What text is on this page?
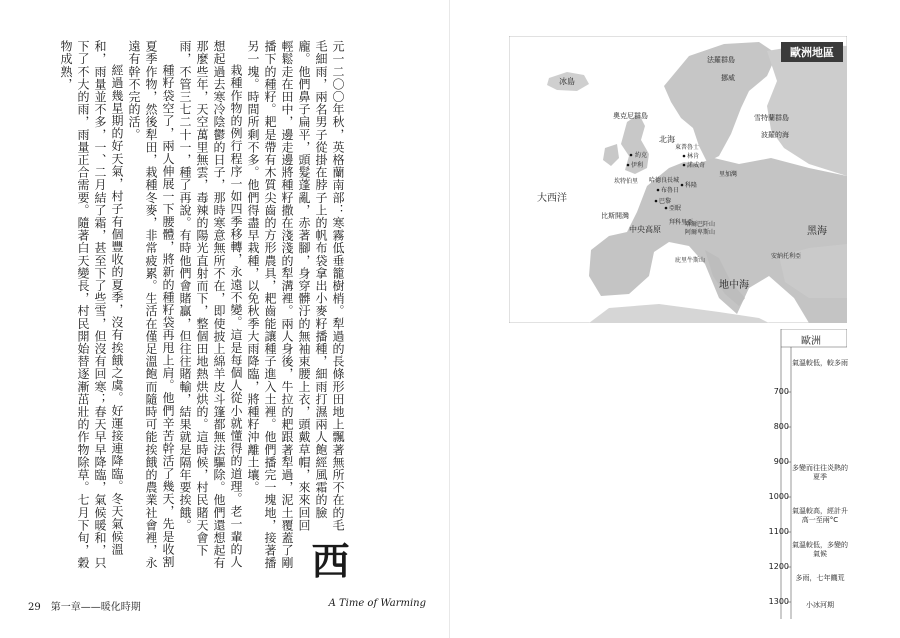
西
元一二〇〇年秋，英格蘭南部：寒霧低垂籠樹梢。犁過的長條形田地上飄著無所不在的毛毛細雨，兩名男子從掛在脖子上的帆布袋拿出小麥籽播種，細雨打濕兩人飽經風霜的臉龐。他們鼻子扁平，頭髮蓬亂，赤著腳，身穿髒汙的無袖束腰上衣，頭戴草帽，來來回回輕鬆走在田中，邊走邊將種籽撒在淺淺的犁溝裡。兩人身後，牛拉的耙跟著犁過，泥土覆蓋了剛播下的種籽。耙是帶有木質尖齒的方形農具，耙齒能讓種子進入土裡。他們播完一塊地，接著播另一塊。時間所剩不多。他們得盡早栽種，以免秋季大雨降臨，將種籽沖離土壤。

栽種作物的例行程序一如四季移轉，永遠不變。這是每個人從小就懂得的道理。老一輩的人想起過去寒冷陰鬱的日子，那時寒意無所不在，即使披上綿羊皮斗篷都無法驅除。他們還想起有那麼些年，天空萬里無雲，毒辣的陽光直射而下，整個田地熱烘烘的。這時候，村民賭天會下雨，不管三七二十一，種了再說。有時他們會賭贏，但往往賭輸，結果就是隔年要挨餓。

種籽袋空了，兩人伸展一下腰體，將新的種籽袋再甩上肩。他們辛苦幹活了幾天，先是收割夏季作物，然後犁田，栽種冬麥，非常疲累。生活在僅足溫飽而隨時可能挨餓的農業社會裡，永遠有幹不完的活。

經過幾星期的好天氣，村子有個豐收的夏季，沒有挨餓之虞。好運接連降臨。冬天氣候溫和，雨量並不多，一、二月結了霜，甚至下了些雪，但沒有回寒；春天早早降臨，氣候暖和，只下了不大的雨，雨量正合需要。隨著白天變長，村民開始替逐漸茁壯的作物除草。七月下旬，穀物成熟，

29 第一章——暖化時期	A Time of Warming
歐洲地區
冰島
法羅群島
挪威
雪特蘭群島
奧克尼群島
波羅的海
北海
約克	林肯
伊利	諾威奇
坎特伯里 哈德良長城
布魯日
科隆
大西洋	巴黎
亞眠
比斯開灣
中央高原	阿爾卑斯山
庇里牛斯山
黑海
地中海
喀爾巴阡山
安納托利亞
東普魯士
里加灣
拜科里亞
歐洲
700
800
900
1000
1100
1200
1300
氣溫較低，較多雨
多變而往往炎熱的夏季
氣溫較高，經計升高一至兩°C
氣溫較低，多變的氣候
多雨，七年饑荒
小冰河期
